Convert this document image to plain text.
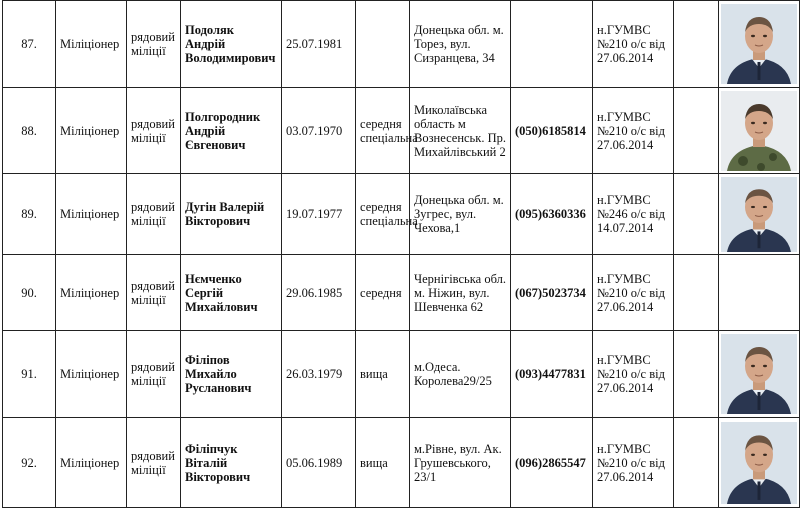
87.	Міліціонер	рядовий міліції	Подоляк Андрій Володимирович	25.07.1981		Донецька обл. м. Торез, вул. Сизранцева, 34		н.ГУМВС №210 о/с від 27.06.2014		

88.	Міліціонер	рядовий міліції	Полгородник Андрій Євгенович	03.07.1970	середня спеціальна	Миколаївська область м Вознесенськ. Пр. Михайлівський 2	(050)6185814	н.ГУМВС №210 о/с від 27.06.2014		

89.	Міліціонер	рядовий міліції	Дугін Валерій Вікторович	19.07.1977	середня спеціальна	Донецька обл. м. Зугрес, вул. Чехова,1	(095)6360336	н.ГУМВС №246 о/с від 14.07.2014		

90.	Міліціонер	рядовий міліції	Нємченко Сергій Михайлович	29.06.1985	середня	Чернігівська обл. м. Ніжин, вул. Шевченка 62	(067)5023734	н.ГУМВС №210 о/с від 27.06.2014		
91.	Міліціонер	рядовий міліції	Філіпов Михайло Русланович	26.03.1979	вища	м.Одеса. Королева29/25	(093)4477831	н.ГУМВС №210 о/с від 27.06.2014		

92.	Міліціонер	рядовий міліції	Філіпчук Віталій Вікторович	05.06.1989	вища	м.Рівне, вул. Ак. Грушевського, 23/1	(096)2865547	н.ГУМВС №210 о/с від 27.06.2014		
